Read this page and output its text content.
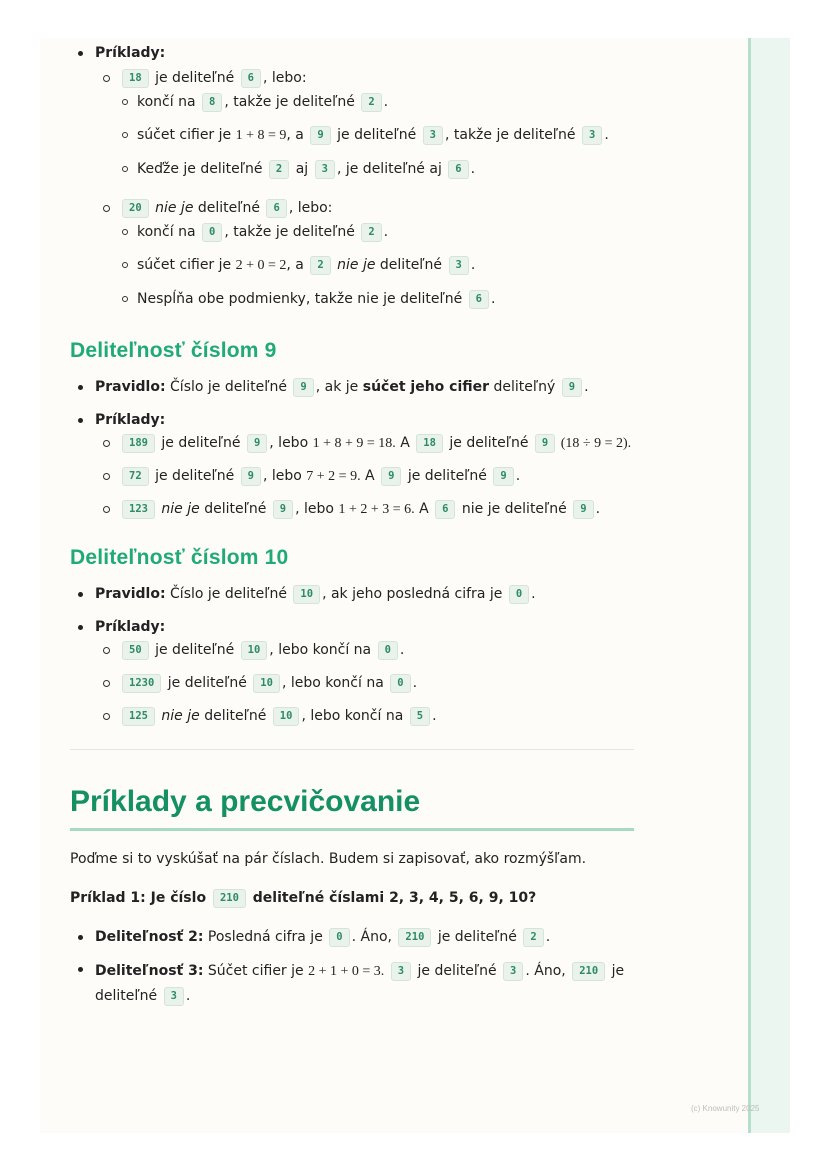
(c) Knowunity 2025
Príklady:
18 je deliteľné 6 , lebo:
končí na 8 , takže je deliteľné 2 .
súčet cifier je 1 + 8 = 9, a 9 je deliteľné 3 , takže je deliteľné 3 .
Keďže je deliteľné 2 aj 3 , je deliteľné aj 6 .
20 nie je deliteľné 6 , lebo:
končí na 0 , takže je deliteľné 2 .
súčet cifier je 2 + 0 = 2, a 2 nie je deliteľné 3 .
Nespĺňa obe podmienky, takže nie je deliteľné 6 .
Deliteľnosť číslom 9
Pravidlo: Číslo je deliteľné 9 , ak je súčet jeho cifier deliteľný 9 .
Príklady:
189 je deliteľné 9 , lebo 1 + 8 + 9 = 18. A 18 je deliteľné 9 (18 ÷ 9 = 2).
72 je deliteľné 9 , lebo 7 + 2 = 9. A 9 je deliteľné 9 .
123 nie je deliteľné 9 , lebo 1 + 2 + 3 = 6. A 6 nie je deliteľné 9 .
Deliteľnosť číslom 10
Pravidlo: Číslo je deliteľné 10 , ak jeho posledná cifra je 0 .
Príklady:
50 je deliteľné 10 , lebo končí na 0 .
1230 je deliteľné 10 , lebo končí na 0 .
125 nie je deliteľné 10 , lebo končí na 5 .
Príklady a precvičovanie

Poďme si to vyskúšať na pár číslach. Budem si zapisovať, ako rozmýšľam.

Príklad 1: Je číslo 210 deliteľné číslami 2, 3, 4, 5, 6, 9, 10?

Deliteľnosť 2: Posledná cifra je 0 . Áno, 210 je deliteľné 2 .
Deliteľnosť 3: Súčet cifier je 2 + 1 + 0 = 3. 3 je deliteľné 3 . Áno, 210 je deliteľné 3 .
